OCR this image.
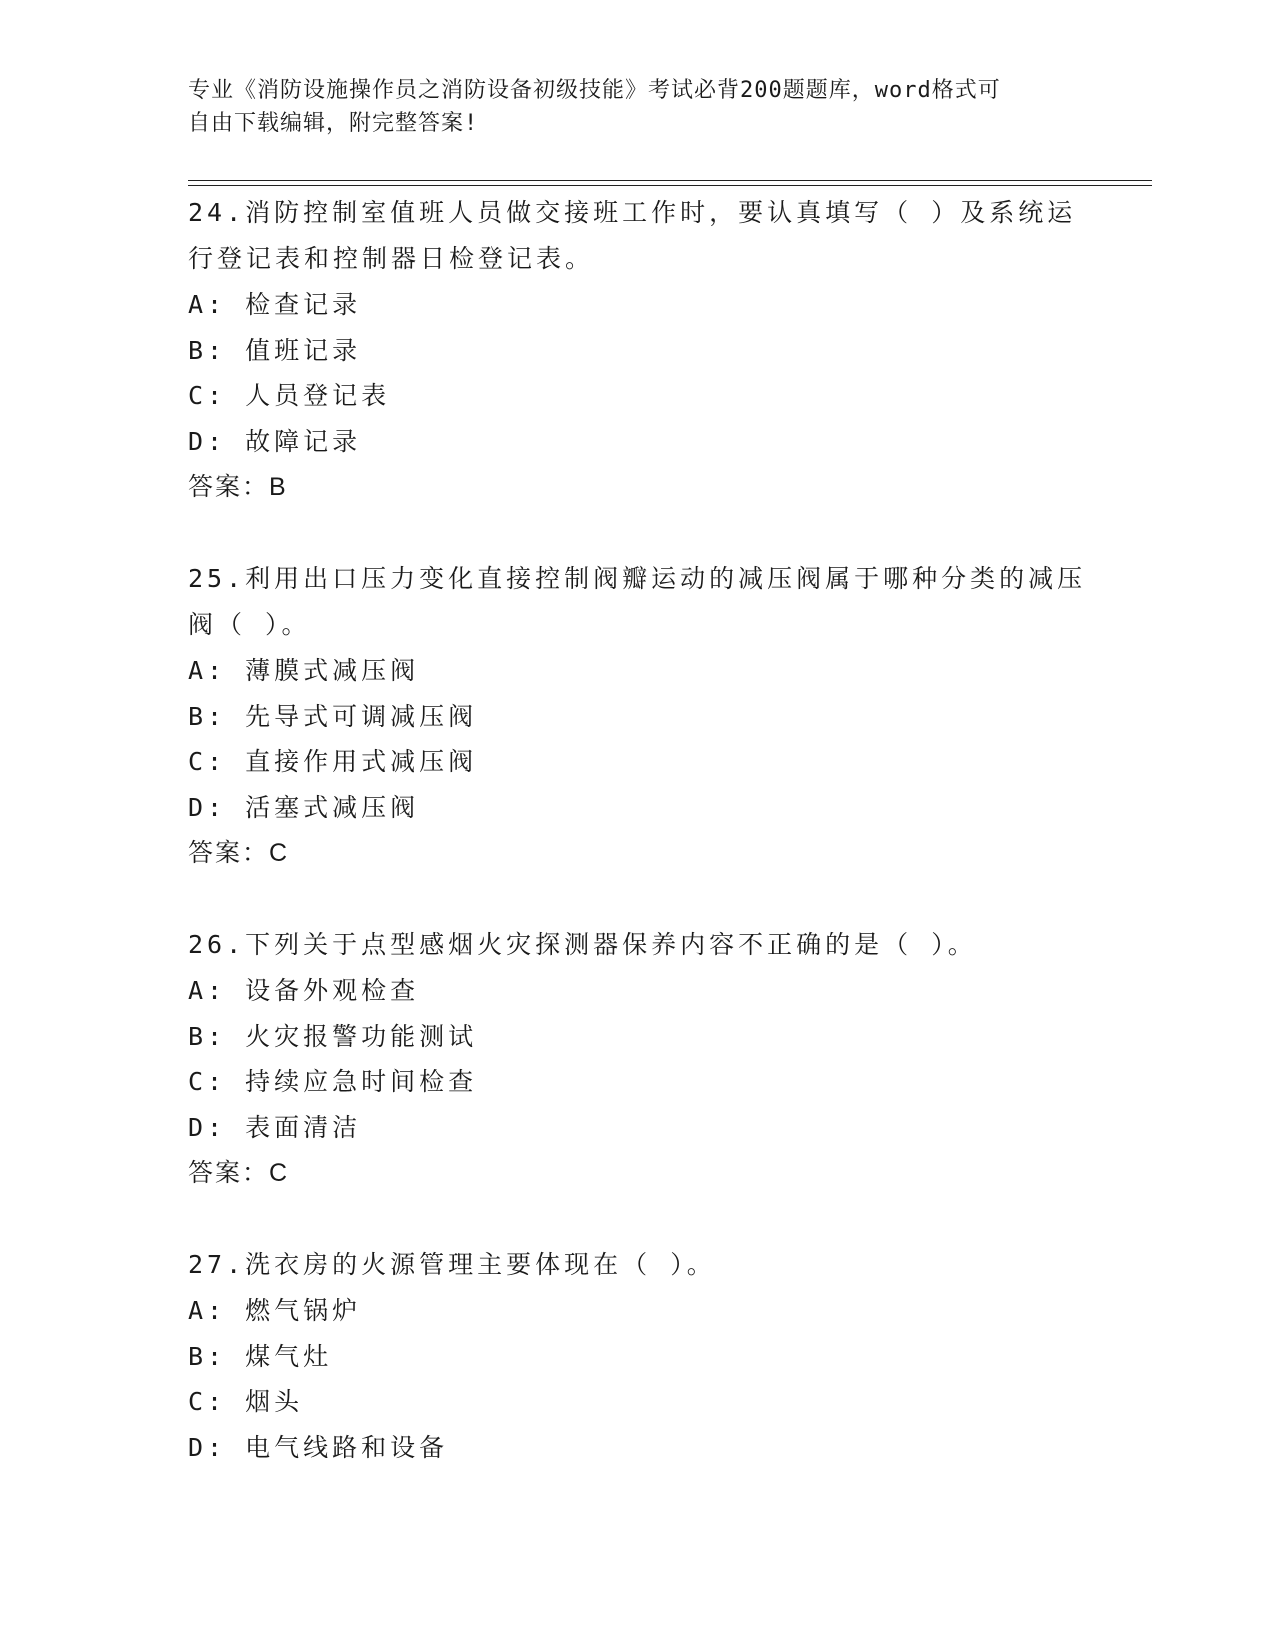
专业《消防设施操作员之消防设备初级技能》考试必背200题题库，word格式可
自由下载编辑，附完整答案!
24.消防控制室值班人员做交接班工作时，要认真填写（ ）及系统运
行登记表和控制器日检登记表。
A: 检查记录
B: 值班记录
C: 人员登记表
D: 故障记录
答案：B
25.利用出口压力变化直接控制阀瓣运动的减压阀属于哪种分类的减压
阀（ ）。
A: 薄膜式减压阀
B: 先导式可调减压阀
C: 直接作用式减压阀
D: 活塞式减压阀
答案：C
26.下列关于点型感烟火灾探测器保养内容不正确的是（ ）。
A: 设备外观检查
B: 火灾报警功能测试
C: 持续应急时间检查
D: 表面清洁
答案：C
27.洗衣房的火源管理主要体现在（ ）。
A: 燃气锅炉
B: 煤气灶
C: 烟头
D: 电气线路和设备
